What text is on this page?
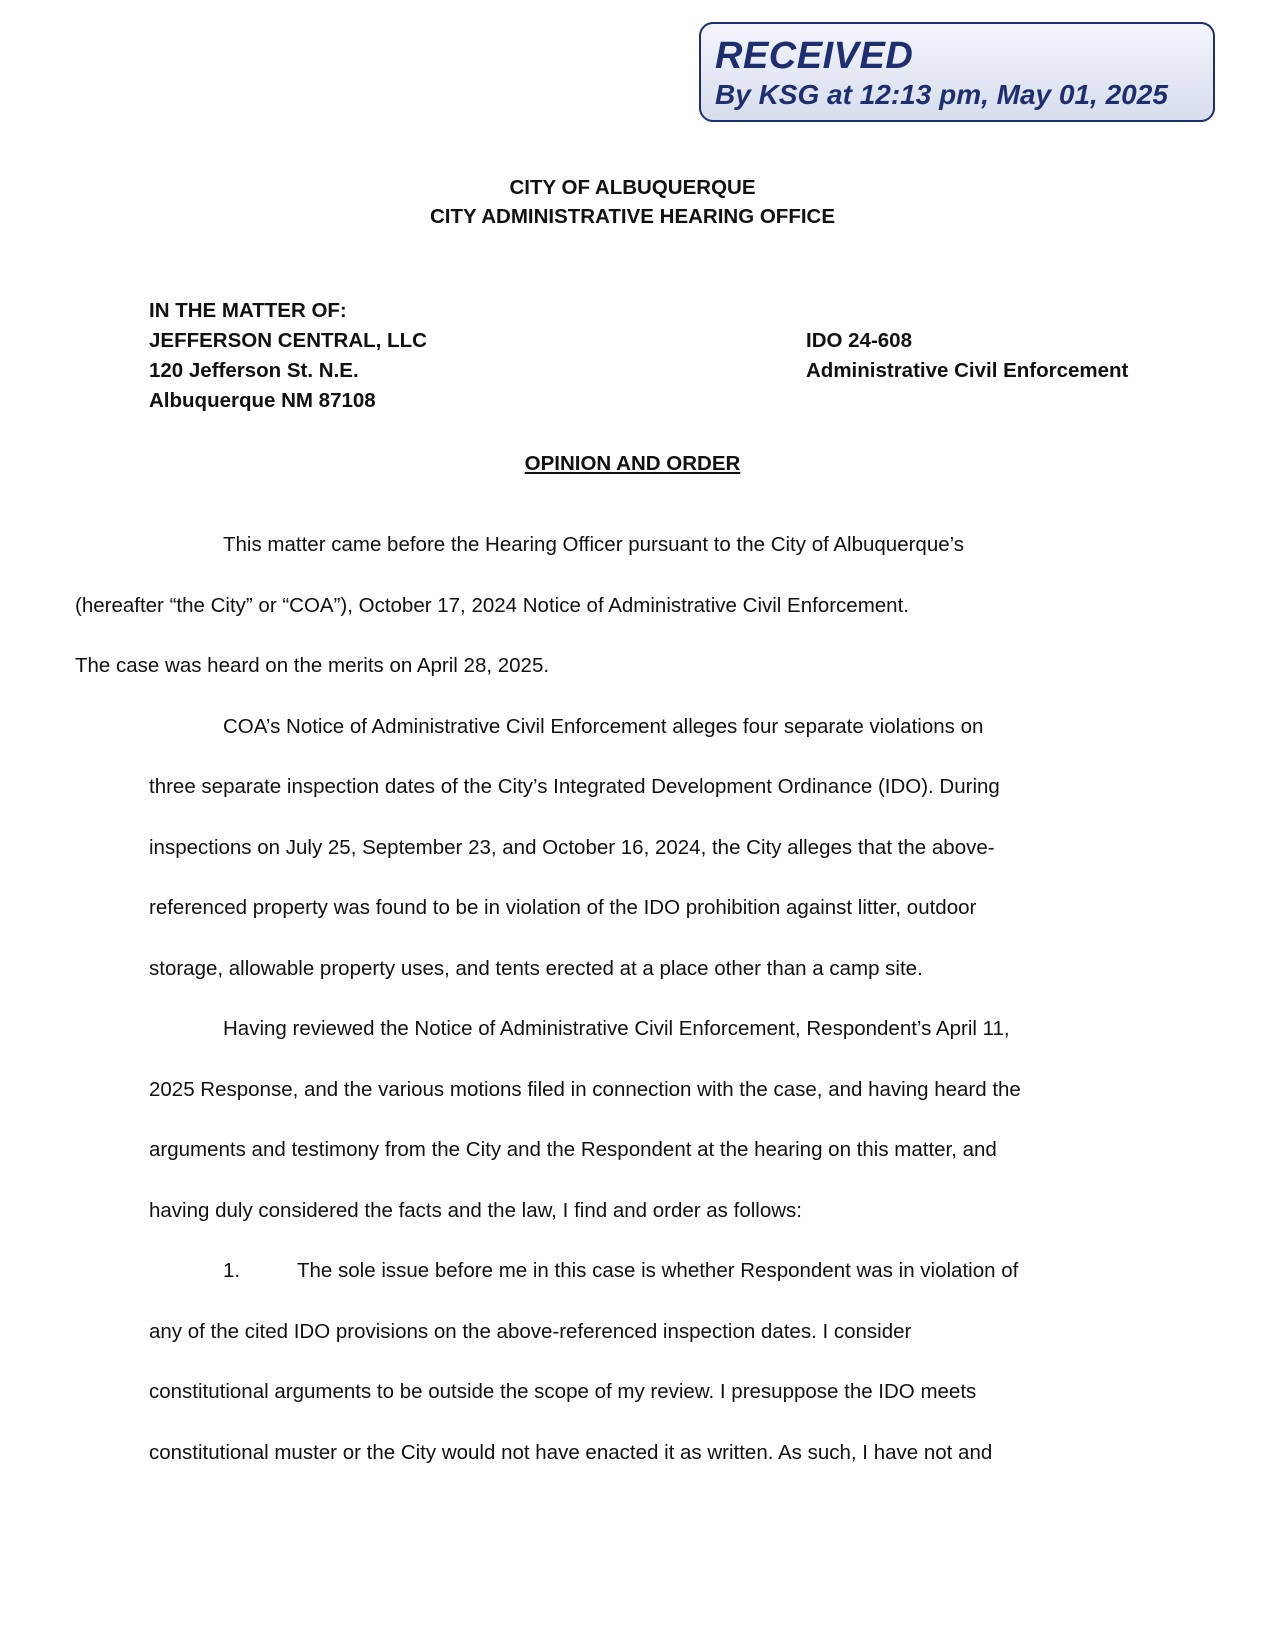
RECEIVED
By KSG at 12:13 pm, May 01, 2025
CITY OF ALBUQUERQUE
CITY ADMINISTRATIVE HEARING OFFICE
IN THE MATTER OF:
JEFFERSON CENTRAL, LLC
120 Jefferson St. N.E.
Albuquerque NM 87108
IDO 24-608
Administrative Civil Enforcement
OPINION AND ORDER

This matter came before the Hearing Officer pursuant to the City of Albuquerque’s
(hereafter “the City” or “COA”), October 17, 2024 Notice of Administrative Civil Enforcement.
The case was heard on the merits on April 28, 2025.

COA’s Notice of Administrative Civil Enforcement alleges four separate violations on
three separate inspection dates of the City’s Integrated Development Ordinance (IDO). During
inspections on July 25, September 23, and October 16, 2024, the City alleges that the above-
referenced property was found to be in violation of the IDO prohibition against litter, outdoor
storage, allowable property uses, and tents erected at a place other than a camp site.

Having reviewed the Notice of Administrative Civil Enforcement, Respondent’s April 11,
2025 Response, and the various motions filed in connection with the case, and having heard the
arguments and testimony from the City and the Respondent at the hearing on this matter, and
having duly considered the facts and the law, I find and order as follows:

1.	The sole issue before me in this case is whether Respondent was in violation of
any of the cited IDO provisions on the above-referenced inspection dates. I consider
constitutional arguments to be outside the scope of my review. I presuppose the IDO meets
constitutional muster or the City would not have enacted it as written. As such, I have not and
